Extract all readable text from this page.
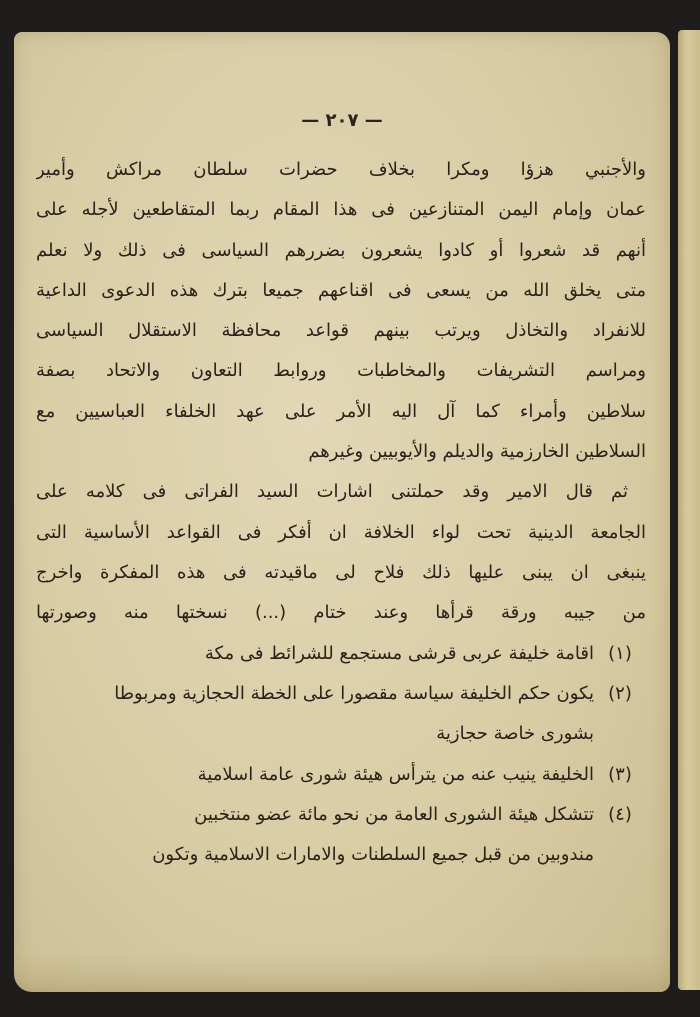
— ٢٠٧ —
والأجنبي هزؤا ومكرا بخلاف حضرات سلطان مراكش وأمير
عمان وإمام اليمن المتنازعين فى هذا المقام ربما المتقاطعين لأجله على
أنهم قد شعروا أو كادوا يشعرون بضررهم السياسى فى ذلك ولا نعلم
متى يخلق الله من يسعى فى اقناعهم جميعا بترك هذه الدعوى الداعية
للانفراد والتخاذل ويرتب بينهم قواعد محافظة الاستقلال السياسى
ومراسم التشريفات والمخاطبات وروابط التعاون والاتحاد بصفة
سلاطين وأمراء كما آل اليه الأمر على عهد الخلفاء العباسيين مع
السلاطين الخارزمية والديلم والأيوبيين وغيرهم
ثم قال الامير وقد حملتنى اشارات السيد الفراتى فى كلامه على
الجامعة الدينية تحت لواء الخلافة ان أفكر فى القواعد الأساسية التى
ينبغى ان يبنى عليها ذلك فلاح لى ماقيدته فى هذه المفكرة واخرج
من جيبه ورقة قرأها وعند ختام (...) نسختها منه وصورتها
(١)
اقامة خليفة عربى قرشى مستجمع للشرائط فى مكة
(٢)
يكون حكم الخليفة سياسة مقصورا على الخطة الحجازية ومربوطا
بشورى خاصة حجازية
(٣)
الخليفة ينيب عنه من يترأس هيئة شورى عامة اسلامية
(٤)
تتشكل هيئة الشورى العامة من نحو مائة عضو منتخبين
مندوبين من قبل جميع السلطنات والامارات الاسلامية وتكون
